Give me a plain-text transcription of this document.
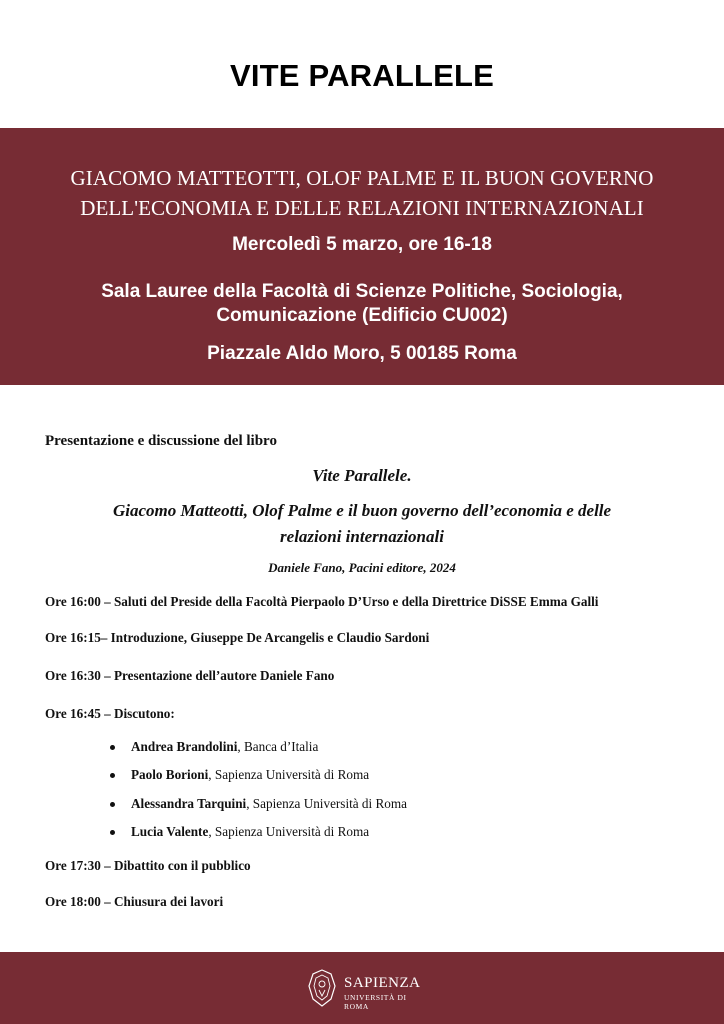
VITE PARALLELE
GIACOMO MATTEOTTI, OLOF PALME E IL BUON GOVERNO
DELL'ECONOMIA E DELLE RELAZIONI INTERNAZIONALI
Mercoledì 5 marzo, ore 16-18
Sala Lauree della Facoltà di Scienze Politiche, Sociologia,
Comunicazione (Edificio CU002)
Piazzale Aldo Moro, 5 00185 Roma
Presentazione e discussione del libro
Vite Parallele.
Giacomo Matteotti, Olof Palme e il buon governo dell’economia e delle
relazioni internazionali
Daniele Fano, Pacini editore, 2024
Ore 16:00 – Saluti del Preside della Facoltà Pierpaolo D’Urso e della Direttrice DiSSE Emma Galli
Ore 16:15– Introduzione, Giuseppe De Arcangelis e Claudio Sardoni
Ore 16:30 – Presentazione dell’autore Daniele Fano
Ore 16:45 – Discutono:
Andrea Brandolini, Banca d’Italia
Paolo Borioni, Sapienza Università di Roma
Alessandra Tarquini, Sapienza Università di Roma
Lucia Valente, Sapienza Università di Roma
Ore 17:30 – Dibattito con il pubblico
Ore 18:00 – Chiusura dei lavori
SAPIENZA
UNIVERSITÀ DI ROMA
